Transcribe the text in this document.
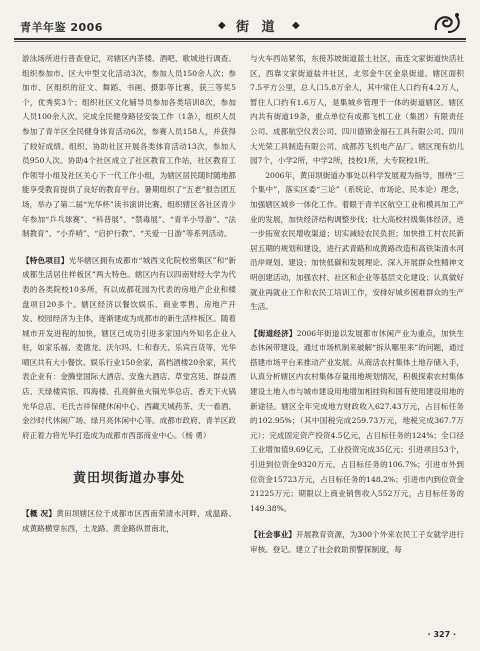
青羊年鉴 2006	◆ 街 道 ◆

游泳场所进行普查登记，对辖区内茶楼、酒吧、歌城进行调查。组织参加市、区大中型文化活动3次，参加人员150余人次；参加市、区组织的征文、舞蹈、书画、摄影等比赛，获三等奖5个，优秀奖3个；组织社区文化辅导员参加各类培训8次，参加人员100余人次。完成全民健身路径安装工作（1条），组织人员参加了青羊区全民健身体育活动6次，参赛人员158人，并获得了较好成绩。组织、协助社区开展各类体育活动13次，参加人员950人次。协助4个社区成立了社区教育工作站，社区教育工作领导小组及社区关心下一代工作小组，为辖区居民随时随地都能享受教育提供了良好的教育平台。暑期组织了“五老”报告团五场，举办了第二届“光华杯”读书演讲比赛。组织辖区各社区青少年参加“乒乓球赛”、“科普展”、“禁毒展”、“青羊小导游”、“法制教育”、“小乔哨”、“启护行教”、“关爱一日游”等系列活动。

【特色项目】光华辖区拥有成都市“城西文化院校密集区”和“新成都生活居住样板区”两大特色。辖区内有以四南财经大学为代表的各类院校10多所，有以成都花园为代表的房地产企业和楼盘项目20多个。辖区经济以餐饮娱乐、商业零售、房地产开发、校园经济为主体，逐渐建成为成都市的新生活样板区。随着城市开发进程的加快，辖区已成功引进多家国内外知名企业入驻，如家乐福、麦德龙、沃尔玛、仁和春天、乐宾百货等，光华晴区共有大小餐饮、娱乐行业150余家，高档酒楼20余家，其代表企业有：金腾堂国际大酒店、安逸大酒店、草堂宫廷、群益酒店、天绿楼宾馆、四海楼、孔亮鲜鱼火锅光华总店、香天下火锅光华总店、毛氏吉祥保健休闲中心、西藏天城药茶、天一看酒、金沙时代休闲广场、绿月亮休闲中心等。成都市政府、青羊区政府正着力将光华打造成为成都市西部商业中心。（杨 勇）

黄田坝街道办事处

【概 况】黄田坝辖区位于成都市区西南荣清水河畔，成温路、成黄路横穿东西，土龙路、黄金路纵贯南北，

与火车西站紧邻，东接苏坡街道蓝土社区，南连文家街道快活社区，西靠文家街道盐井社区，北邻金牛区金泉街道。辖区面积7.5平方公里，总人口5.8万余人，其中常住人口约有4.2万人，暂住人口约有1.6万人，是集城乡管理于一体的街道辖区。辖区内共有街道19条，重点单位有成都飞机工业（集团）有限责任公司、成都航空仪表公司、四川德锦金福石工具有限公司、四川大光荣工具制造有限公司、成都苏飞机电产品厂。辖区现有幼儿园7个，小学2所，中学2所，技校1所，大专院校1所。

2006年，黄田坝街道办事处以科学发展观为指导，围绕“三个集中”，落实区委“三论”（系统论、市场论、民本论）理念，加强辖区城乡一体化工作。着眼于青羊区航空工业和模具加工产业的发展，加快经济结构调整步伐；壮大高校村级集体经济，进一步拓宽农民增收渠道；切实减轻农民负担；加快推工村农民新居五期的规划和建设，进行武青路和成黄路改造和高铁柒清水河沿岸规划、建设；加快低碳和发展理论、深入开展群众性精神文明创建活动，加强农村、社区和企业等基层文化建设；认真做好就业再就业工作和农民工培训工作，安排好城乡困难群众的生产生活。

【街道经济】2006年街道以发展都市休闲产业为重点，加快生态休闲带建设，通过市场机制来破解“拆从哪里来”的问题，通过搭建市场平台来推动产业发展。从商活农村集体土地存储入手，认真分析辖区内农村集体存量用地规划情况，积极探索农村集体建设土地入市与城市建设用地增加相挂钩和国有使用建设用地的新途径。辖区全年完成地方财政收入627.43万元，占目标任务的102.95%；（其中国税完成259.73万元，地税完成367.7万元）；完成固定资产投资4.5亿元，占目标任务的124%；全口径工业增加值9.69亿元，工业投资完成35亿元；引进项目53个，引进到位资金9320万元，占目标任务的106.7%；引进市外到位资金15723万元，占目标任务的148.2%；引进市内到位资金21225万元；期限以上商业销售收入552万元，占目标任务的149.38%。

【社会事业】开展教育资源，为300个外来农民工子女就学进行审核、登记。建立了社会救助预警探制度，每

· 327 ·
